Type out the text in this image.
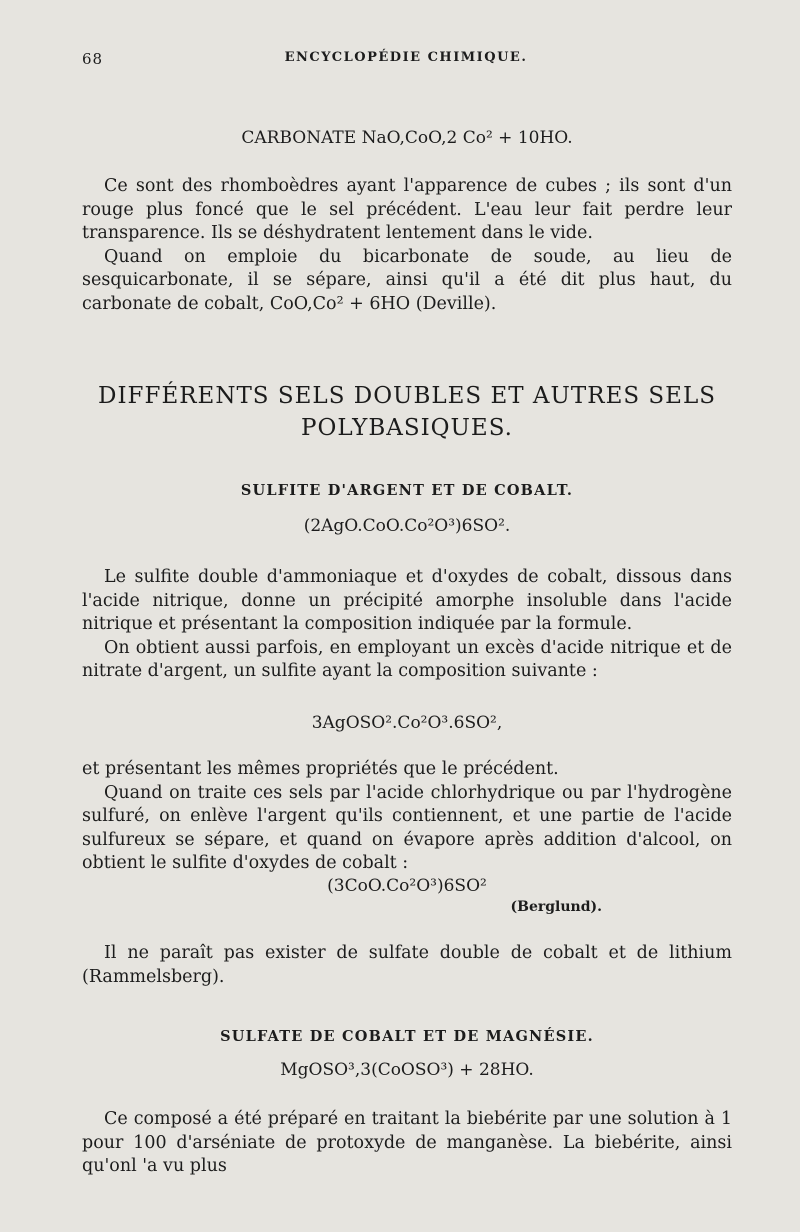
68	ENCYCLOPÉDIE CHIMIQUE.
CARBONATE NaO,CoO,2 Co² + 10HO.

Ce sont des rhomboèdres ayant l'apparence de cubes ; ils sont d'un rouge plus foncé que le sel précédent. L'eau leur fait perdre leur transparence. Ils se déshydratent lentement dans le vide.

Quand on emploie du bicarbonate de soude, au lieu de sesquicarbonate, il se sépare, ainsi qu'il a été dit plus haut, du carbonate de cobalt, CoO,Co² + 6HO (Deville).

DIFFÉRENTS SELS DOUBLES ET AUTRES SELS
POLYBASIQUES.
SULFITE D'ARGENT ET DE COBALT.
(2AgO.CoO.Co²O³)6SO².

Le sulfite double d'ammoniaque et d'oxydes de cobalt, dissous dans l'acide nitrique, donne un précipité amorphe insoluble dans l'acide nitrique et présentant la composition indiquée par la formule.

On obtient aussi parfois, en employant un excès d'acide nitrique et de nitrate d'argent, un sulfite ayant la composition suivante :

3AgOSO².Co²O³.6SO²,

et présentant les mêmes propriétés que le précédent.

Quand on traite ces sels par l'acide chlorhydrique ou par l'hydrogène sulfuré, on enlève l'argent qu'ils contiennent, et une partie de l'acide sulfureux se sépare, et quand on évapore après addition d'alcool, on obtient le sulfite d'oxydes de cobalt :

(3CoO.Co²O³)6SO²
(Berglund).

Il ne paraît pas exister de sulfate double de cobalt et de lithium (Rammelsberg).

SULFATE DE COBALT ET DE MAGNÉSIE.
MgOSO³,3(CoOSO³) + 28HO.

Ce composé a été préparé en traitant la biebérite par une solution à 1 pour 100 d'arséniate de protoxyde de manganèse. La biebérite, ainsi qu'onl 'a vu plus
